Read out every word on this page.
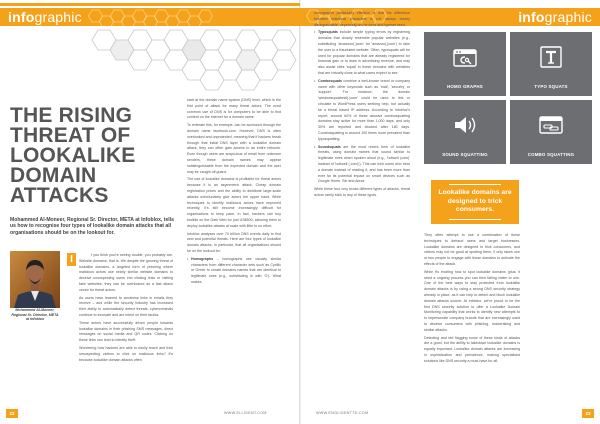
infographic	infographic
THE RISING THREAT OF LOOKALIKE DOMAIN ATTACKS

Mohammed Al-Moneer, Regional Sr. Director, META at Infoblox, tells us how to recognise four types of lookalike domain attacks that all organisations should be on the lookout for.

Mohammed Al-Moneer, Regional Sr. Director, META at Infoblox

I	f you think you're seeing double, you probably are. Website domains, that is. We despite the growing threat of lookalike domains, a targeted form of phishing where malicious actors use nearly similar website domains to deceive unsuspecting users into clicking links or visiting fake websites; they can be overlooked as a fast attack vector for threat actors.

As users have learned to scrutinise links in emails they receive – and while the security industry has increased their ability to automatically detect threats, cybercriminals continue to innovate and are intent on their tactics.

These actors have successfully driven people towards lookalike domains in their phishing SMS messages, direct messages on social media and QR codes. Clicking on these links can lead to identity theft.

Wondering how hackers are able to easily reach and trick unsuspecting victims to click on malicious links? It's because lookalike domain attacks often

start at the domain name system (DNS) level, which is the first point of attack for many threat actors. The most common use of DNS is for computers to be able to find content on the internet for a domain name.

To reiterate this, for example, can be accessed through the domain name facebook.com. However, DNS is often overlooked and unprotected, meaning that if hackers break through that initial DNS layer with a lookalike domain attack, they can often gain access to an entire network. Even though users are suspicious of email from unknown senders, these domain names may appear indistinguishable from the expected domain and the user may be caught off guard.

The use of lookalike domains is profitable for threat actors because it is an asymmetric attack. Cheap domain registration prices and the ability to distribute large-scale attacks unfortunately give actors the upper hand. While techniques to identify malicious actors have improved recently, it's still become increasingly difficult for organisations to keep pace. In fact, hackers can buy toolkits on the Dark Web for just US$500, allowing them to deploy lookalike attacks at scale with little to no effort.

Infoblox analyses over 70 trillion DNS events daily to find new and potential threats. Here are four types of lookalike domain attacks, in particular, that all organisations should be on the lookout for:

• Homographs – homographs use visually similar characters from different character sets such as Cyrillic or Greek to create domains names that are identical to legitimate ones (e.g., substituting in with 'O'). What makes

homographs particularly effective is that the difference between individual characters is not always clearly distinguishable, depending on the fonts and typeset used.

• Typosquats include simple typing errors by registering domains that closely resemble popular websites (e.g., substituting 'amazoon(.)com' for 'amazon(.)com') to take the user to a fraudulent website. Often, typosquats will be used for popular domains that are already registered for financial gain or to draw in advertising revenue, and may also assist sites 'squat' in these domains with websites that are virtually close to what users expect to see.
• Combosquats combine a well-known brand or company name with other keywords such as 'mail', 'security' or 'support'. For instance, the domain 'windowsupdatestl(.)com' could be used to link or circulate to WordPress users seeking help, but actually be a threat based IP address. According to Infoblox's report, around 60% of these abusive combosquatting domains stay active for more than 1,000 days, and only 30% are reported and blocked after 180 days. Combosquatting is around 100 times more prevalent than typosquatting.
• Soundsquats are the most recent form of lookalike threats, using domain names that sound similar to legitimate ones when spoken aloud (e.g., 'hotwell (com)' instead of 'holiwell (.com)'). This can trick users who hear a domain instead of reading it, and has been more than ever for its potential impact on smart devices such as Google Home, Siri and Alexa.

While these four very broad different types of attacks, threat actors rarely stick to any of these types.

HOMO GRAPHS	TYPO SQUATS
SOUND SQUATTING	COMBO SQUATTING

Lookalike domains are designed to trick consumers.

They often attempt to use a combination of these techniques to defraud users and target businesses. Lookalike domains are designed to trick consumers, and victims may not be good at spotting them, it only takes one or two people to engage with these domains to activate the effects of the attack.

While it's exciting how to spot lookalike domains (plus, it need a ongoing process you can then falling victim to one. One of the best ways to stay protected from lookalike domain attacks is by using a strong DNS security strategy already in place, as it can help to detect and block lookalike domain attacks sooner. At Infoblox, we're proud to be the first DNS security solution to offer a Lookalike Domain Monitoring capability that works to identify new attempts to to impersonate company brands that are increasingly used to deceive consumers with phishing, malvertising and similar attacks.

Detecting and red flagging some of these kinds of attacks are a good, but the ability to takedown lookalike domains is equally important. Lookalike domain attacks are increasing in sophistication and prevalence, making specialised solutions like DNS security a must-have for all.

22	23
WWW.ELLIGENT.COM	WWW.ENGLIGENTTD.COM
